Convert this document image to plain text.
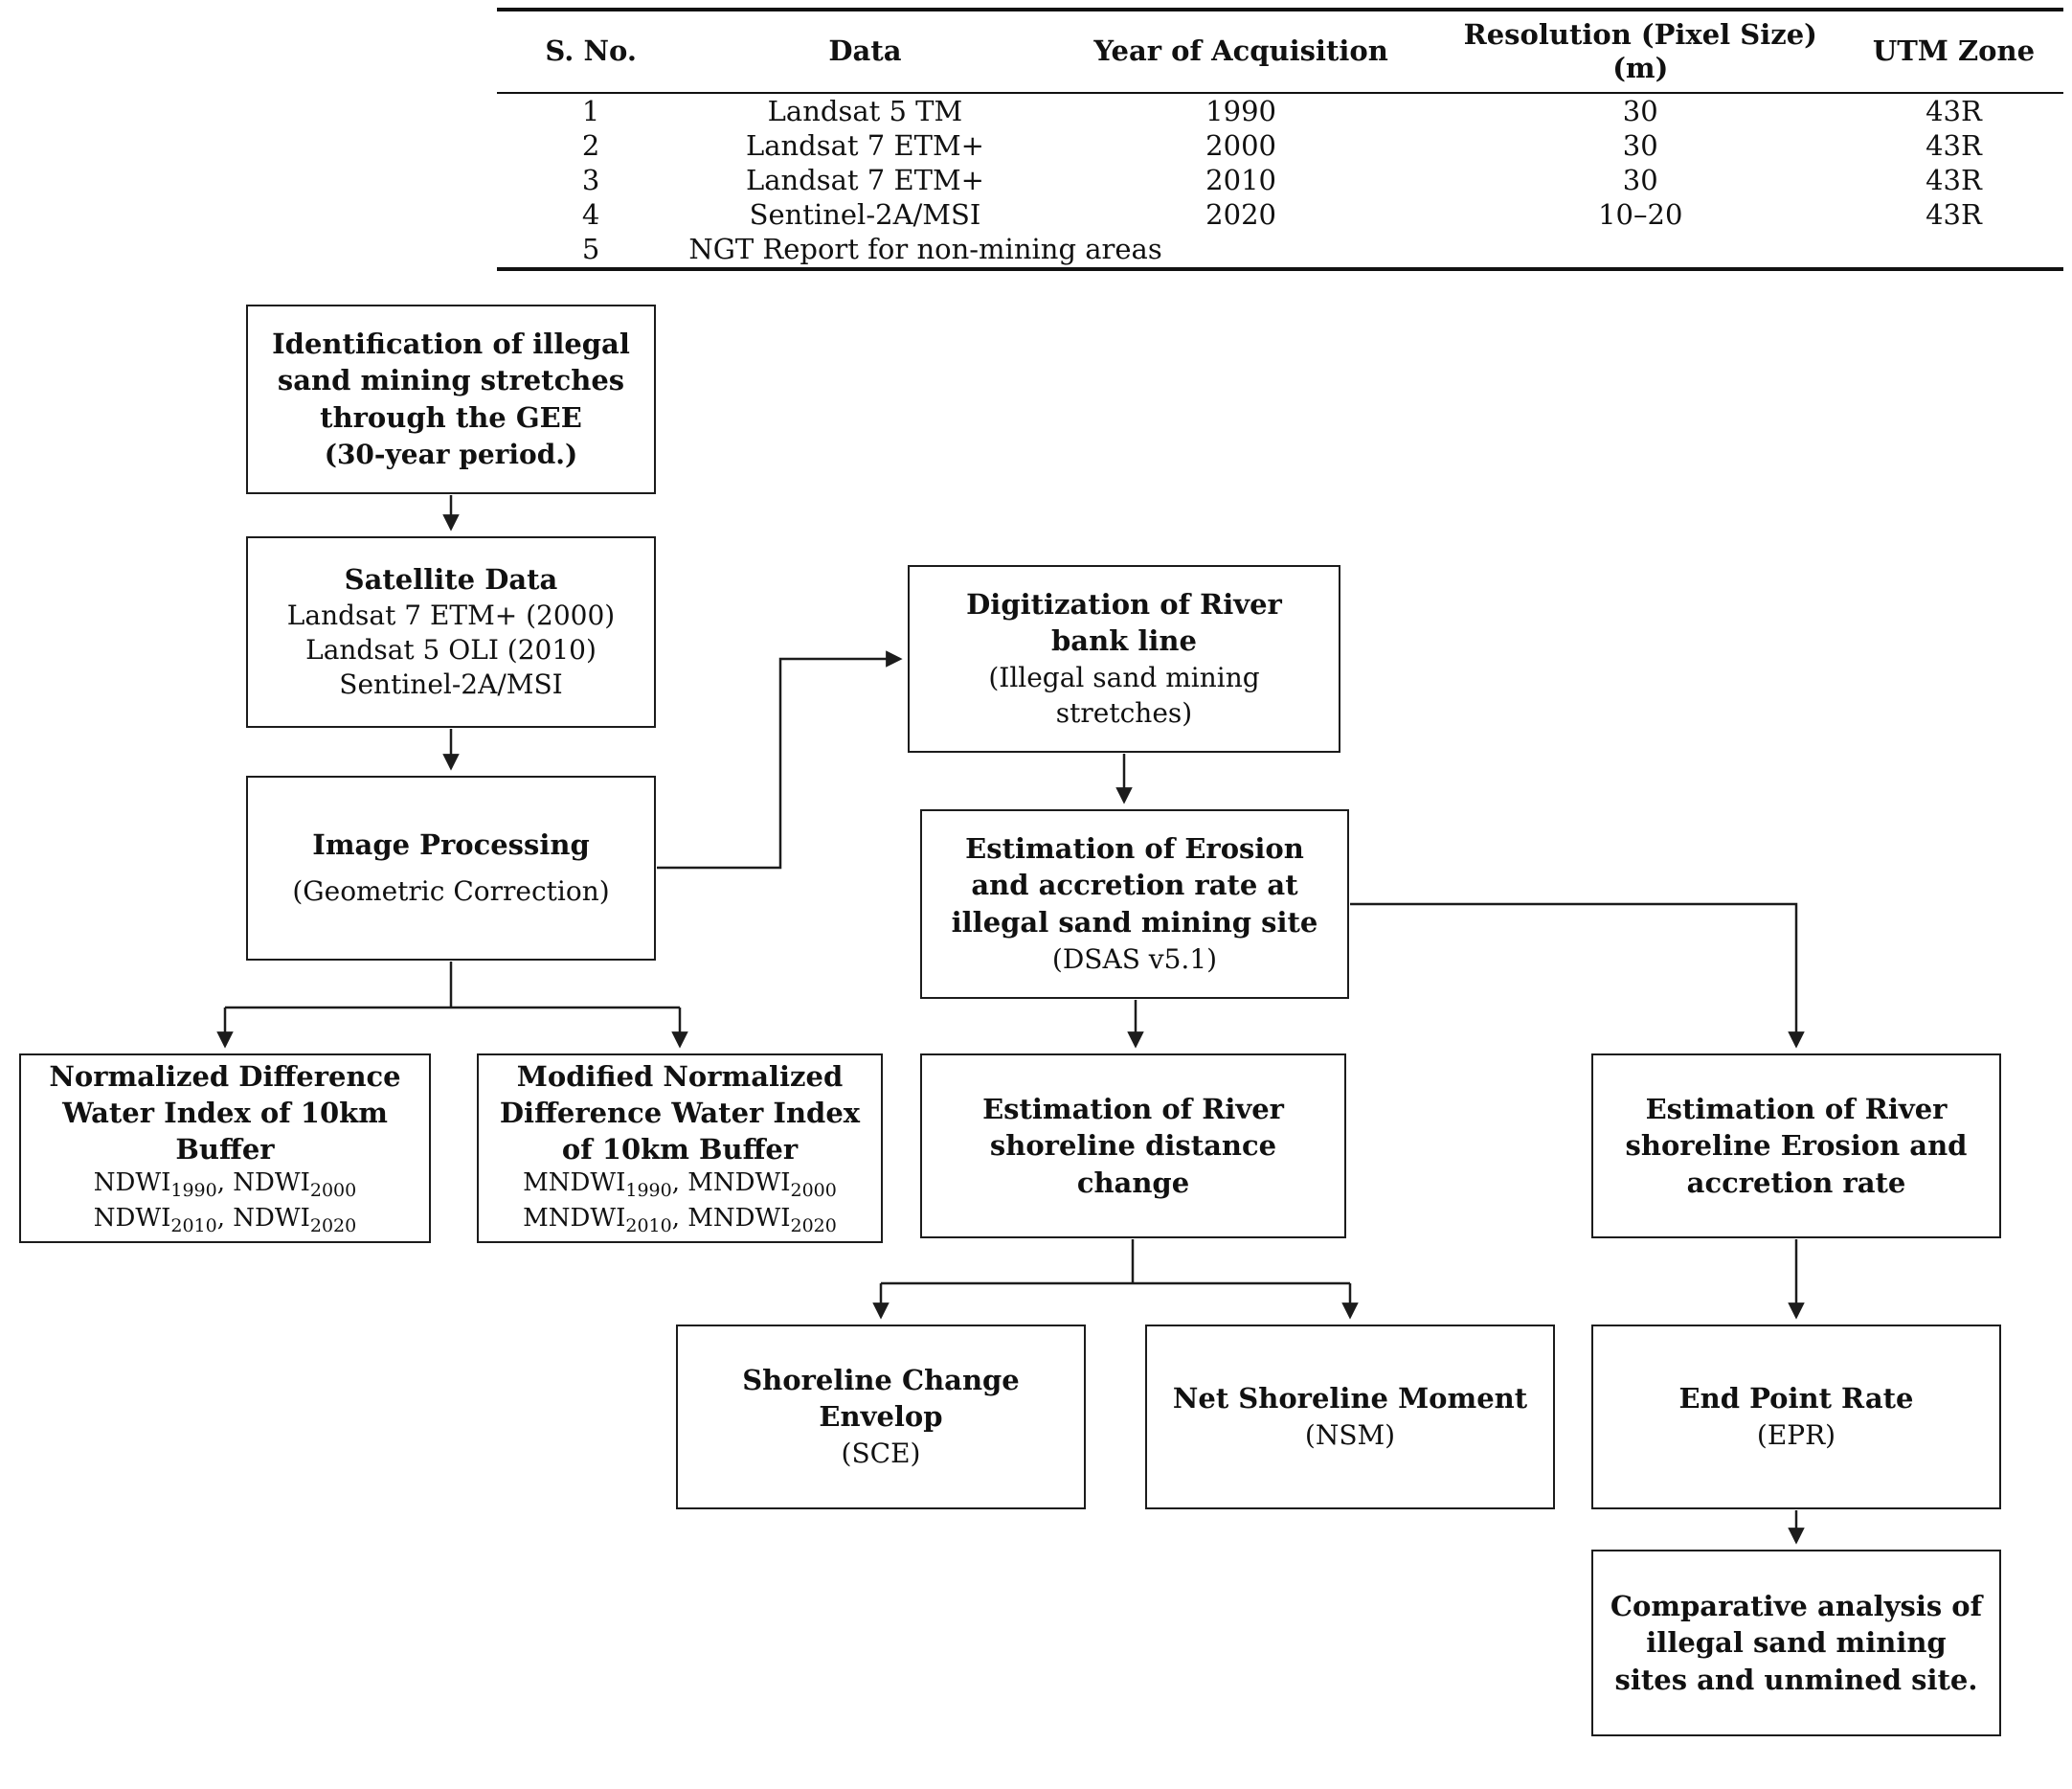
S. No.	Data	Year of Acquisition	Resolution (Pixel Size) (m)	UTM Zone
1	Landsat 5 TM	1990	30	43R
2	Landsat 7 ETM+	2000	30	43R
3	Landsat 7 ETM+	2010	30	43R
4	Sentinel-2A/MSI	2020	10–20	43R
5	NGT Report for non-mining areas			
Identification of illegal sand mining stretches through the GEE
(30-year period.)
Satellite Data
Landsat 7 ETM+ (2000)
Landsat 5 OLI (2010)
Sentinel-2A/MSI
Image Processing
(Geometric Correction)
Digitization of River bank line
(Illegal sand mining stretches)
Estimation of Erosion and accretion rate at illegal sand mining site
(DSAS v5.1)
Normalized Difference Water Index of 10km Buffer
$NDWI_{1990}$, $NDWI_{2000}$
$NDWI_{2010}$, $NDWI_{2020}$
Modified Normalized Difference Water Index of 10km Buffer
$MNDWI_{1990}$, $MNDWI_{2000}$
$MNDWI_{2010}$, $MNDWI_{2020}$
Estimation of River shoreline distance change
Estimation of River shoreline Erosion and accretion rate
Shoreline Change Envelop
(SCE)
Net Shoreline Moment
(NSM)
End Point Rate
(EPR)
Comparative analysis of illegal sand mining sites and unmined site.
